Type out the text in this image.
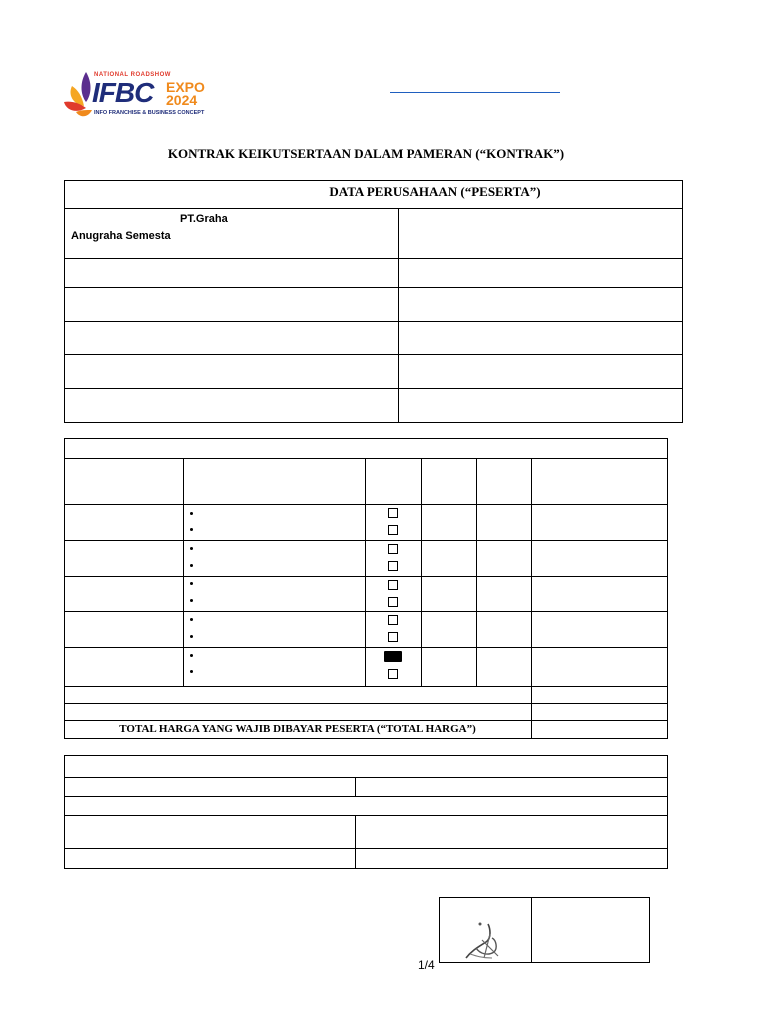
NATIONAL ROADSHOW
IFBC EXPO
2024
INFO FRANCHISE & BUSINESS CONCEPT
KONTRAK KEIKUTSERTAAN DALAM PAMERAN (“KONTRAK”)
DATA PERUSAHAAN (“PESERTA”)
PT.Graha
Anugraha Semesta
TOTAL HARGA YANG WAJIB DIBAYAR PESERTA (“TOTAL HARGA”)
1/4
